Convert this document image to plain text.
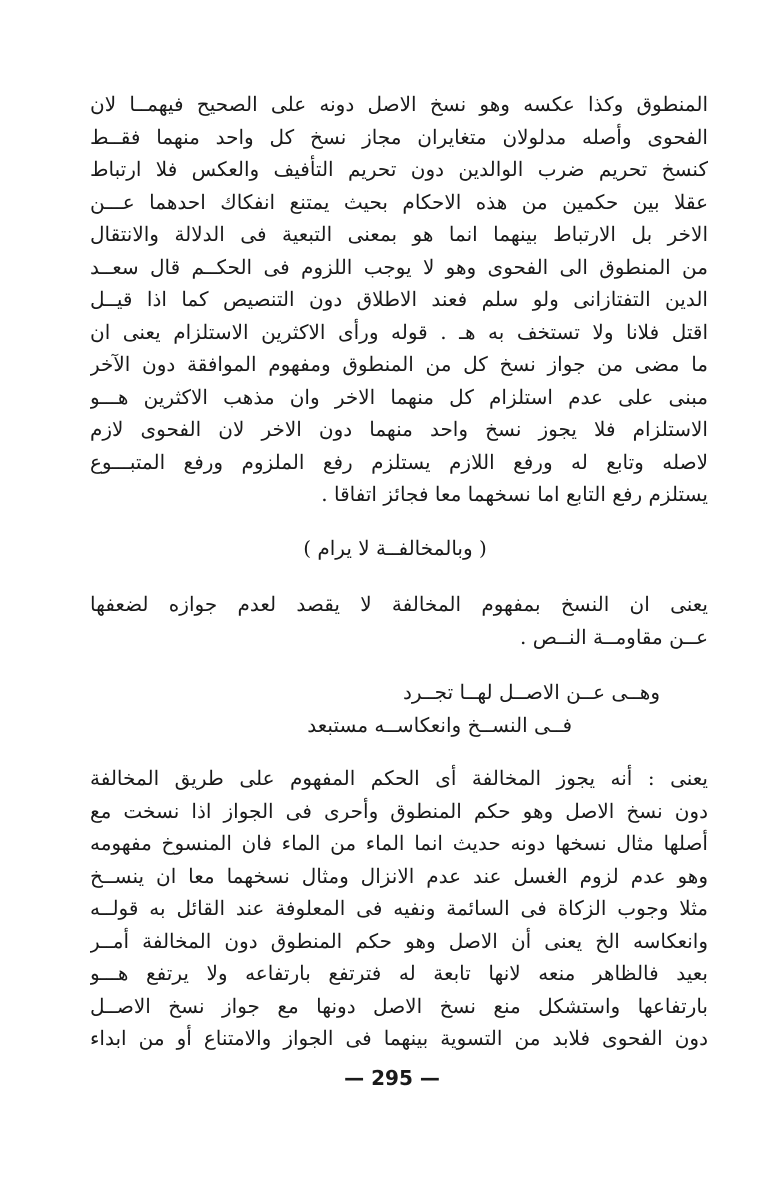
المنطوق وكذا عكسه وهو نسخ الاصل دونه على الصحيح فيهمــا لان
الفحوى وأصله مدلولان متغايران مجاز نسخ كل واحد منهما فقــط
كنسخ تحريم ضرب الوالدين دون تحريم التأفيف والعكس فلا ارتباط
عقلا بين حكمين من هذه الاحكام بحيث يمتنع انفكاك احدهما عـــن
الاخر بل الارتباط بينهما انما هو بمعنى التبعية فى الدلالة والانتقال
من المنطوق الى الفحوى وهو لا يوجب اللزوم فى الحكــم قال سعــد
الدين التفتازانى ولو سلم فعند الاطلاق دون التنصيص كما اذا قيــل
اقتل فلانا ولا تستخف به هـ . قوله ورأى الاكثرين الاستلزام يعنى ان
ما مضى من جواز نسخ كل من المنطوق ومفهوم الموافقة دون الآخر
مبنى على عدم استلزام كل منهما الاخر وان مذهب الاكثرين هـــو
الاستلزام فلا يجوز نسخ واحد منهما دون الاخر لان الفحوى لازم
لاصله وتابع له ورفع اللازم يستلزم رفع الملزوم ورفع المتبـــوع
يستلزم رفع التابع اما نسخهما معا فجائز اتفاقا .
( وبالمخالفــة لا يرام )
يعنى ان النسخ بمفهوم المخالفة لا يقصد لعدم جوازه لضعفها
عــن مقاومــة النــص .
وهــى عــن الاصــل لهــا تجــرد
فــى النســخ وانعكاســه مستبعد
يعنى : أنه يجوز المخالفة أى الحكم المفهوم على طريق المخالفة
دون نسخ الاصل وهو حكم المنطوق وأحرى فى الجواز اذا نسخت مع
أصلها مثال نسخها دونه حديث انما الماء من الماء فان المنسوخ مفهومه
وهو عدم لزوم الغسل عند عدم الانزال ومثال نسخهما معا ان ينســخ
مثلا وجوب الزكاة فى السائمة ونفيه فى المعلوفة عند القائل به قولــه
وانعكاسه الخ يعنى أن الاصل وهو حكم المنطوق دون المخالفة أمــر
بعيد فالظاهر منعه لانها تابعة له فترتفع بارتفاعه ولا يرتفع هـــو
بارتفاعها واستشكل منع نسخ الاصل دونها مع جواز نسخ الاصــل
دون الفحوى فلابد من التسوية بينهما فى الجواز والامتناع أو من ابداء
— 295 —
